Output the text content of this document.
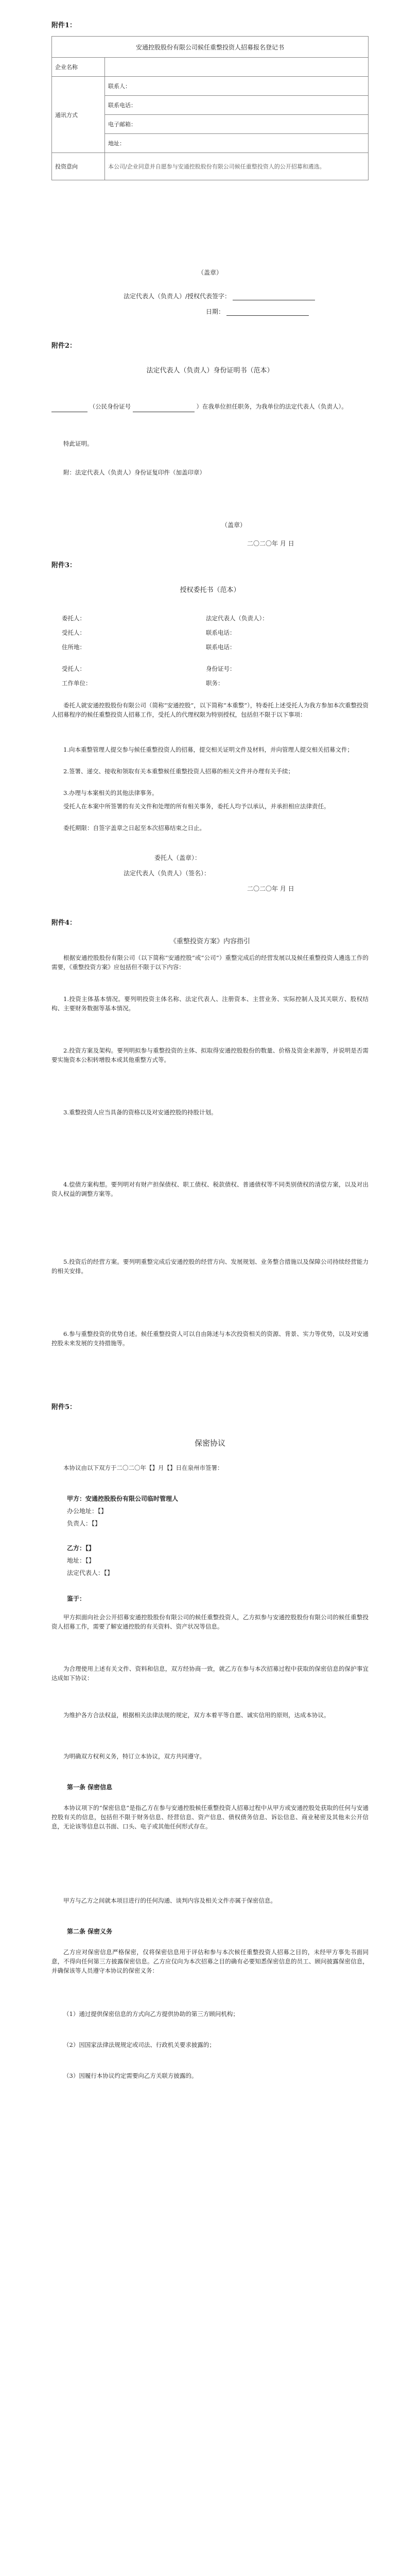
附件1：
安通控股股份有限公司候任重整投资人招募报名登记书	
企业名称	
通讯方式	联系人：
	联系电话：
	电子邮箱：
	地址：
投资意向	本公司/企业同意并自愿参与安通控股股份有限公司候任重整投资人的公开招募和遴选。
（盖章）
法定代表人（负责人）/授权代表签字：
日期：
附件2：
法定代表人（负责人）身份证明书（范本）
（公民身份证号	）在我单位担任职务，为我单位的法定代表人（负责人）。
特此证明。
附：法定代表人（负责人）身份证复印件（加盖印章）
（盖章）
二〇二〇年 月 日
附件3：
授权委托书（范本）
委托人：	法定代表人（负责人）：
受托人：	联系电话：
住所地：	联系电话：
受托人：	身份证号：
工作单位：	职务：
委托人就安通控股股份有限公司（简称“安通控股”，以下简称“本重整”），特委托上述受托人为我方参加本次重整投资人招募程序的候任重整投资人招募工作，受托人的代理权限为特别授权，包括但不限于以下事项：
1.向本重整管理人提交参与候任重整投资人的招募，提交相关证明文件及材料，并向管理人提交相关招募文件；
2.签署、递交、接收和领取有关本重整候任重整投资人招募的相关文件并办理有关手续；
3.办理与本案相关的其他法律事务。
受托人在本案中所签署的有关文件和处理的所有相关事务，委托人均予以承认，并承担相应法律责任。
委托期限：自签字盖章之日起至本次招募结束之日止。
委托人（盖章）：
法定代表人（负责人）（签名）：
二〇二〇年 月 日
附件4：
《重整投资方案》内容指引
根据安通控股股份有限公司（以下简称“安通控股”或“公司”）重整完成后的经营发展以及候任重整投资人遴选工作的需要，《重整投资方案》应包括但不限于以下内容：
1.投资主体基本情况。要列明投资主体名称、法定代表人、注册资本、主营业务、实际控制人及其关联方、股权结构、主要财务数据等基本情况。
2.投资方案及架构。要列明拟参与重整投资的主体、拟取得安通控股股份的数量、价格及资金来源等，并说明是否需要实施资本公积转增股本或其他重整方式等。
3.重整投资人应当具备的资格以及对安通控股的持股计划。
4.偿债方案构想。要列明对有财产担保债权、职工债权、税款债权、普通债权等不同类别债权的清偿方案，以及对出资人权益的调整方案等。
5.投资后的经营方案。要列明重整完成后安通控股的经营方向、发展规划、业务整合措施以及保障公司持续经营能力的相关安排。
6.参与重整投资的优势自述。候任重整投资人可以自由陈述与本次投资相关的资源、背景、实力等优势，以及对安通控股未来发展的支持措施等。
附件5：
保密协议
本协议由以下双方于二〇二〇年【】月【】日在泉州市签署：
甲方：安通控股股份有限公司临时管理人
办公地址：【】
负责人：【】
乙方：【】
地址：【】
法定代表人：【】
鉴于：
甲方拟面向社会公开招募安通控股股份有限公司的候任重整投资人，乙方拟参与安通控股股份有限公司的候任重整投资人招募工作，需要了解安通控股的有关资料、资产状况等信息。
为合理使用上述有关文件、资料和信息，双方经协商一致，就乙方在参与本次招募过程中获取的保密信息的保护事宜达成如下协议：
为维护各方合法权益，根据相关法律法规的规定，双方本着平等自愿、诚实信用的原则，达成本协议。
为明确双方权利义务，特订立本协议，双方共同遵守。
第一条 保密信息
本协议项下的“保密信息”是指乙方在参与安通控股候任重整投资人招募过程中从甲方或安通控股处获取的任何与安通控股有关的信息，包括但不限于财务信息、经营信息、资产信息、债权债务信息、诉讼信息、商业秘密及其他未公开信息，无论该等信息以书面、口头、电子或其他任何形式存在。
甲方与乙方之间就本项目进行的任何沟通、谈判内容及相关文件亦属于保密信息。
第二条 保密义务
乙方应对保密信息严格保密，仅将保密信息用于评估和参与本次候任重整投资人招募之目的，未经甲方事先书面同意，不得向任何第三方披露保密信息。乙方应仅向为本次招募之目的确有必要知悉保密信息的员工、顾问披露保密信息，并确保该等人员遵守本协议的保密义务：
（1）通过提供保密信息的方式向乙方提供协助的第三方顾问机构；
（2）因国家法律法规规定或司法、行政机关要求披露的；
（3）因履行本协议约定需要向乙方关联方披露的。
